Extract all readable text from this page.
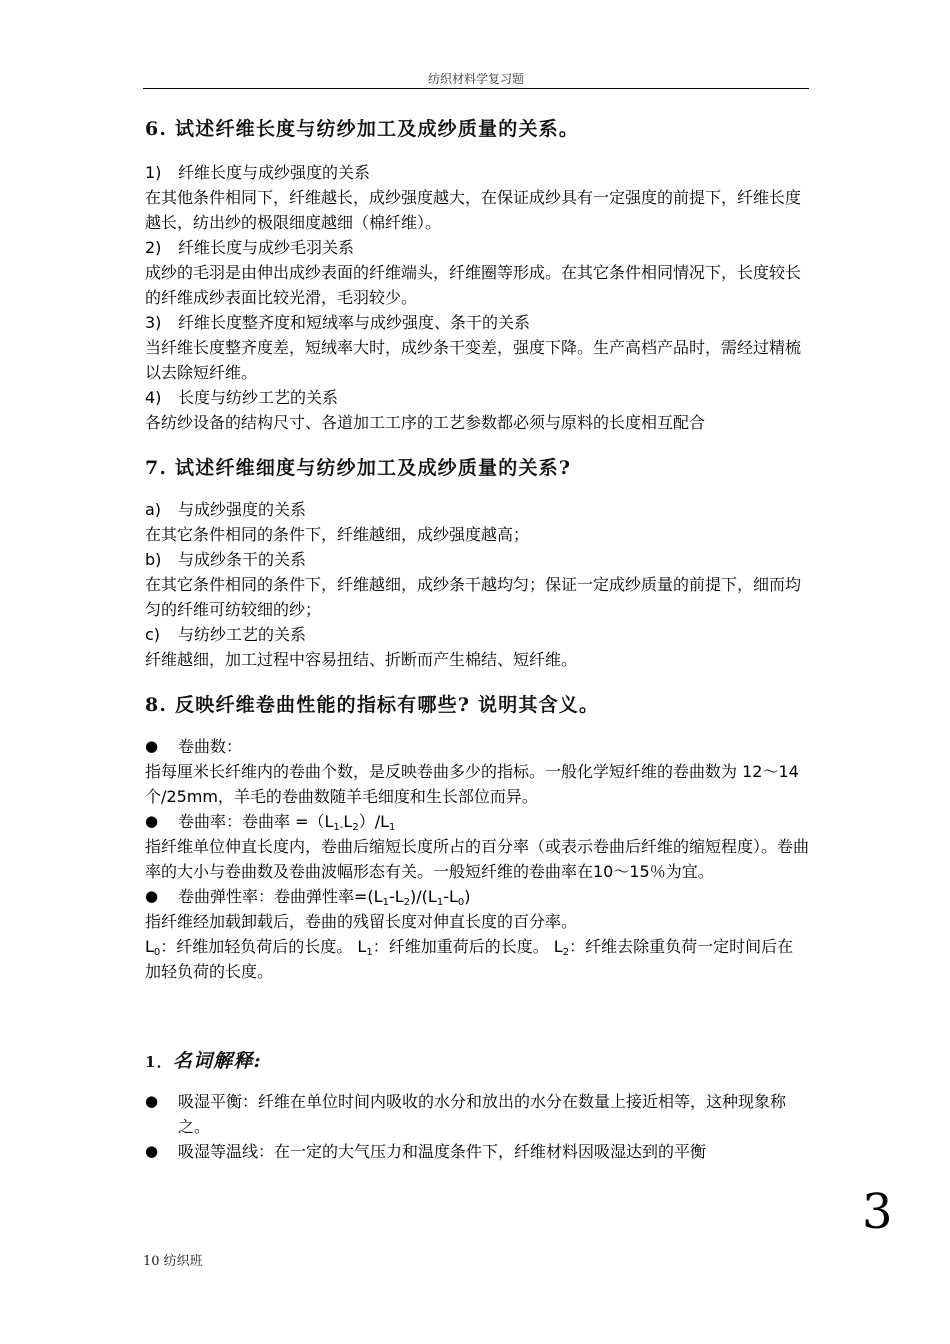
纺织材料学复习题
6. 试述纤维长度与纺纱加工及成纱质量的关系。

1)	纤维长度与成纱强度的关系

在其他条件相同下，纤维越长，成纱强度越大，在保证成纱具有一定强度的前提下，纤维长度越长，纺出纱的极限细度越细（棉纤维）。

2)	纤维长度与成纱毛羽关系

成纱的毛羽是由伸出成纱表面的纤维端头，纤维圈等形成。在其它条件相同情况下，长度较长的纤维成纱表面比较光滑，毛羽较少。

3)	纤维长度整齐度和短绒率与成纱强度、条干的关系

当纤维长度整齐度差，短绒率大时，成纱条干变差，强度下降。生产高档产品时，需经过精梳以去除短纤维。

4)	长度与纺纱工艺的关系

各纺纱设备的结构尺寸、各道加工工序的工艺参数都必须与原料的长度相互配合

7. 试述纤维细度与纺纱加工及成纱质量的关系?

a)	与成纱强度的关系

在其它条件相同的条件下，纤维越细，成纱强度越高；

b)	与成纱条干的关系

在其它条件相同的条件下，纤维越细，成纱条干越均匀；保证一定成纱质量的前提下，细而均匀的纤维可纺较细的纱；

c)	与纺纱工艺的关系

纤维越细，加工过程中容易扭结、折断而产生棉结、短纤维。

8. 反映纤维卷曲性能的指标有哪些? 说明其含义。

●	卷曲数：

指每厘米长纤维内的卷曲个数，是反映卷曲多少的指标。一般化学短纤维的卷曲数为 12～14 个/25mm，羊毛的卷曲数随羊毛细度和生长部位而异。

●	卷曲率：卷曲率 $=(L_{1-}L_2)/L_1$

指纤维单位伸直长度内，卷曲后缩短长度所占的百分率（或表示卷曲后纤维的缩短程度）。卷曲率的大小与卷曲数及卷曲波幅形态有关。一般短纤维的卷曲率在10～15％为宜。

●	卷曲弹性率：卷曲弹性率$=(L_1-L_2)/(L_1-L_0)$

指纤维经加载卸载后，卷曲的残留长度对伸直长度的百分率。

$L_0$：纤维加轻负荷后的长度。 $L_1$：纤维加重荷后的长度。 $L_2$：纤维去除重负荷一定时间后在加轻负荷的长度。

1．名词解释:

●	吸湿平衡：纤维在单位时间内吸收的水分和放出的水分在数量上接近相等，这种现象称之。

●	吸湿等温线：在一定的大气压力和温度条件下，纤维材料因吸湿达到的平衡

3
10 纺织班
